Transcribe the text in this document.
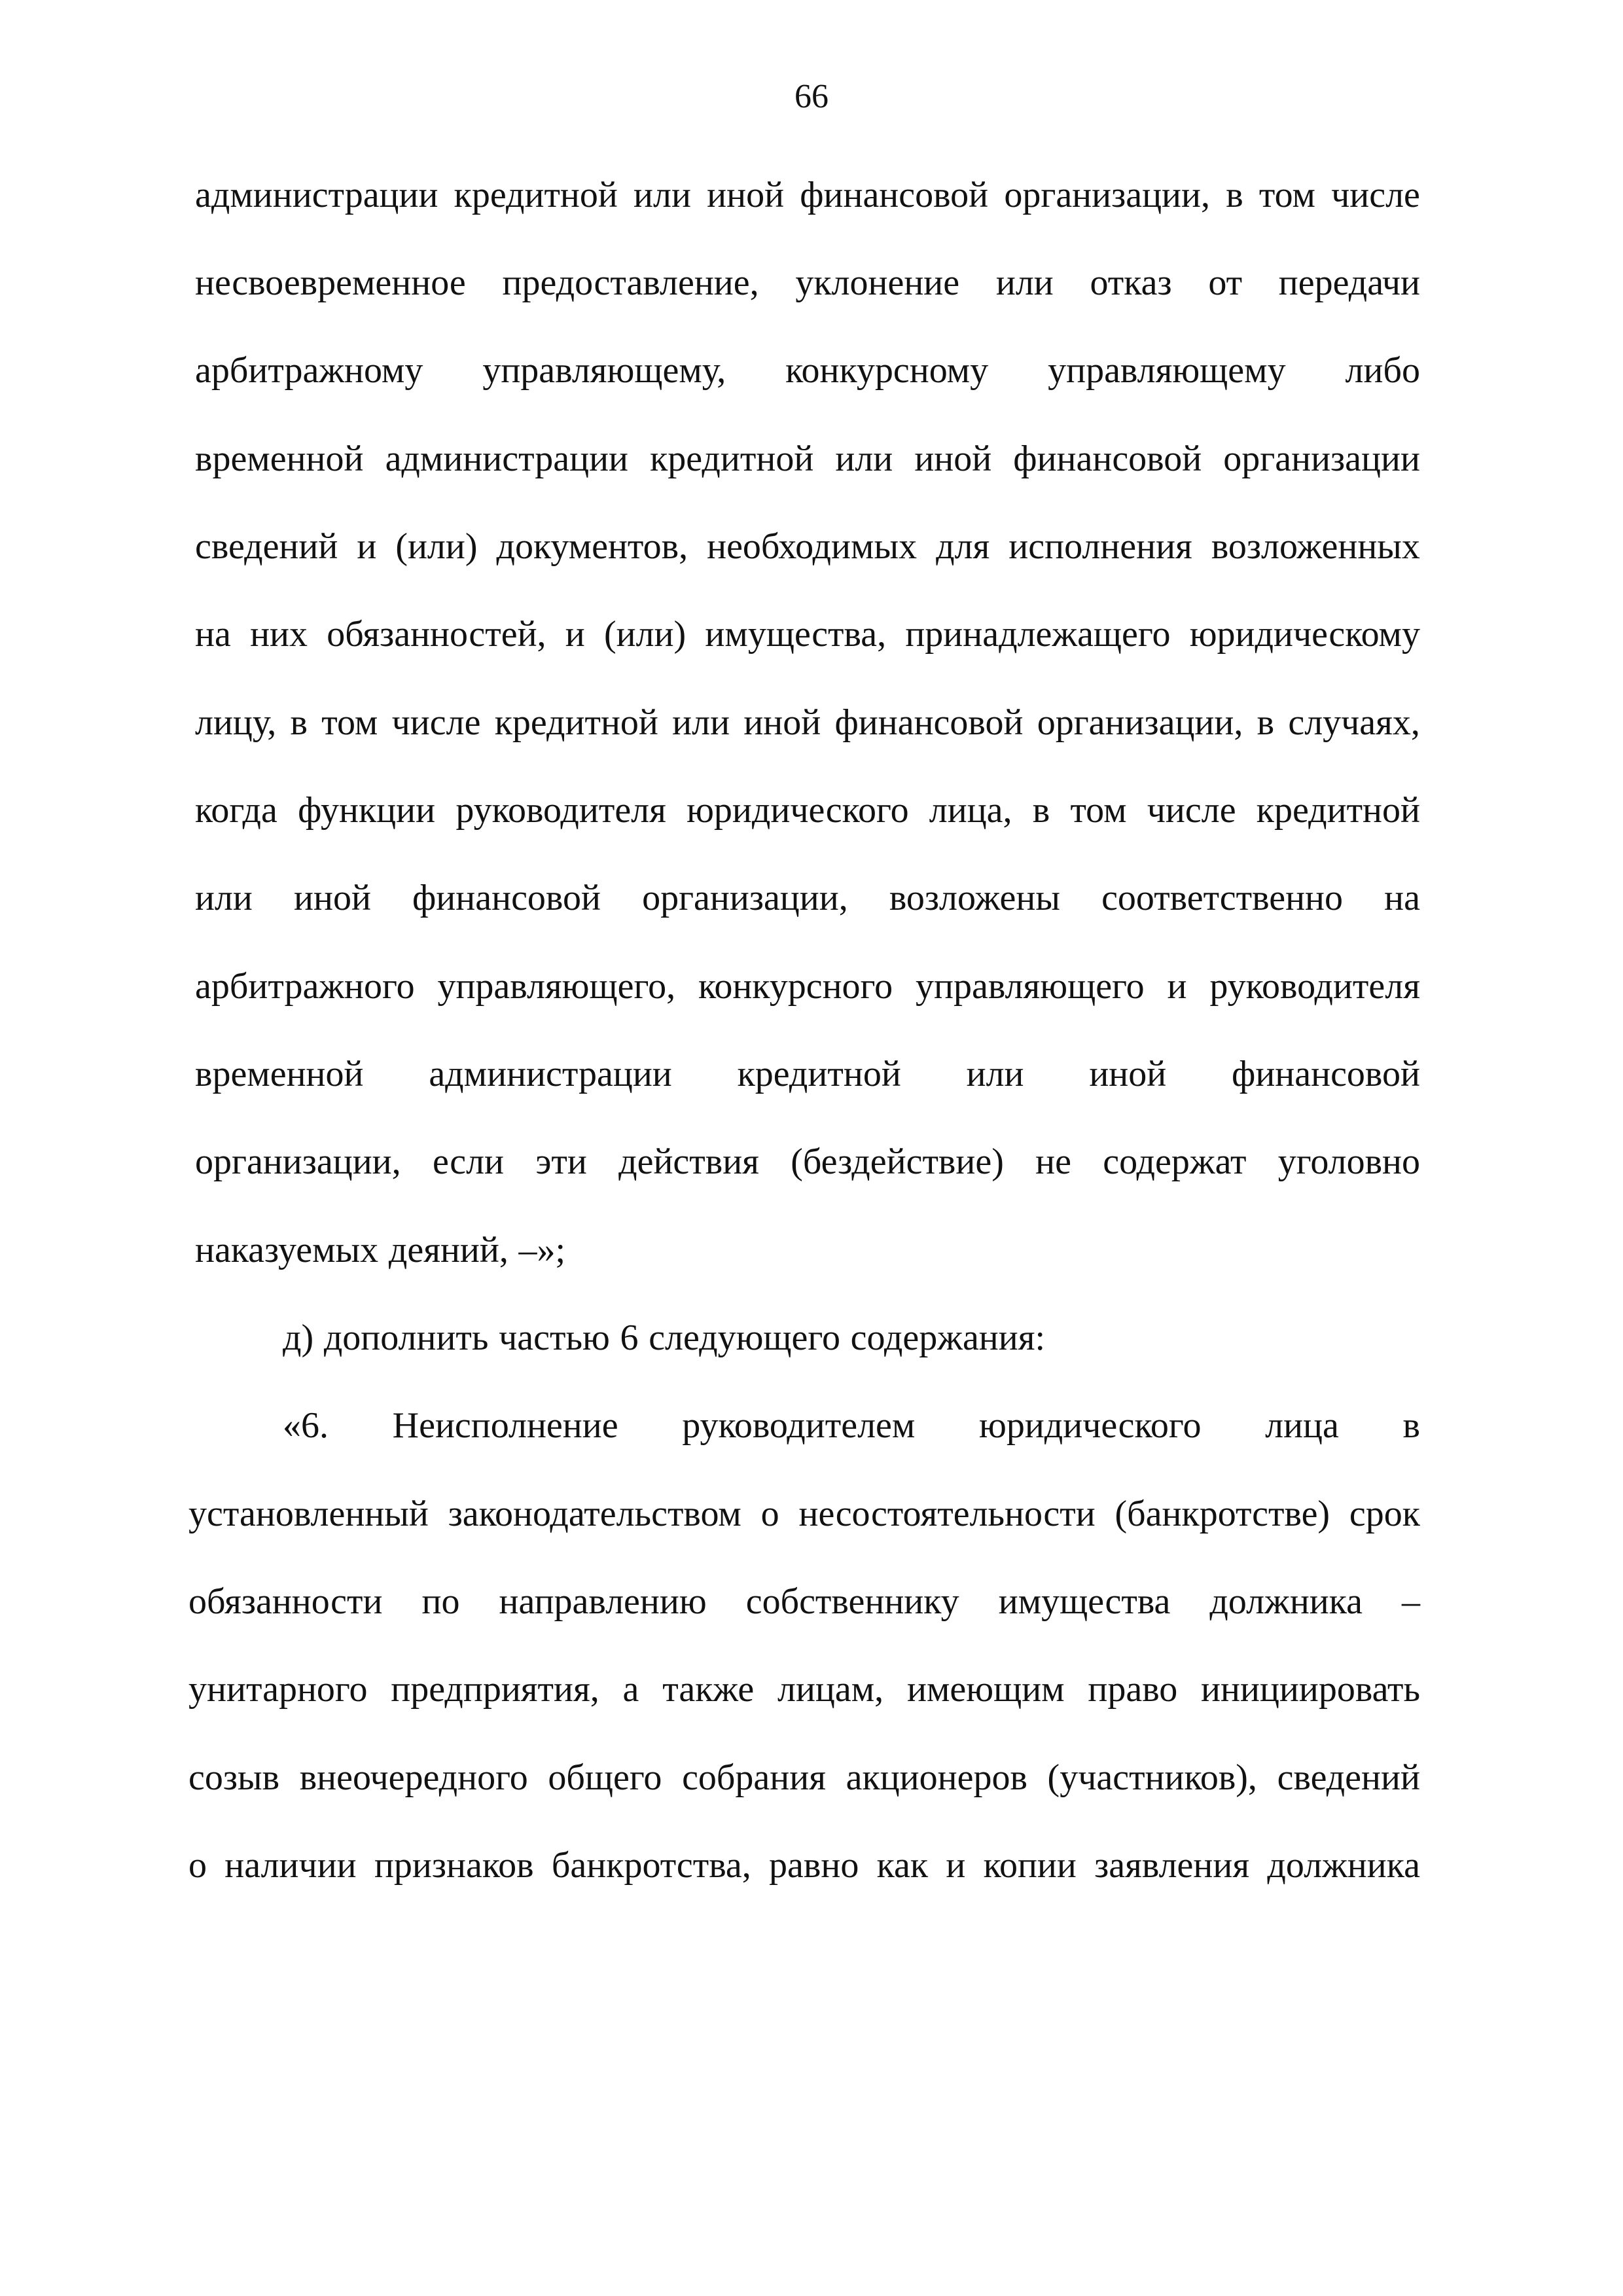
66
администрации кредитной или иной финансовой организации, в том числе
несвоевременное предоставление, уклонение или отказ от передачи
арбитражному управляющему, конкурсному управляющему либо
временной администрации кредитной или иной финансовой организации
сведений и (или) документов, необходимых для исполнения возложенных
на них обязанностей, и (или) имущества, принадлежащего юридическому
лицу, в том числе кредитной или иной финансовой организации, в случаях,
когда функции руководителя юридического лица, в том числе кредитной
или иной финансовой организации, возложены соответственно на
арбитражного управляющего, конкурсного управляющего и руководителя
временной администрации кредитной или иной финансовой
организации, если эти действия (бездействие) не содержат уголовно
наказуемых деяний, –»;
д) дополнить частью 6 следующего содержания:
«6. Неисполнение руководителем юридического лица в
установленный законодательством о несостоятельности (банкротстве) срок
обязанности по направлению собственнику имущества должника –
унитарного предприятия, а также лицам, имеющим право инициировать
созыв внеочередного общего собрания акционеров (участников), сведений
о наличии признаков банкротства, равно как и копии заявления должника
